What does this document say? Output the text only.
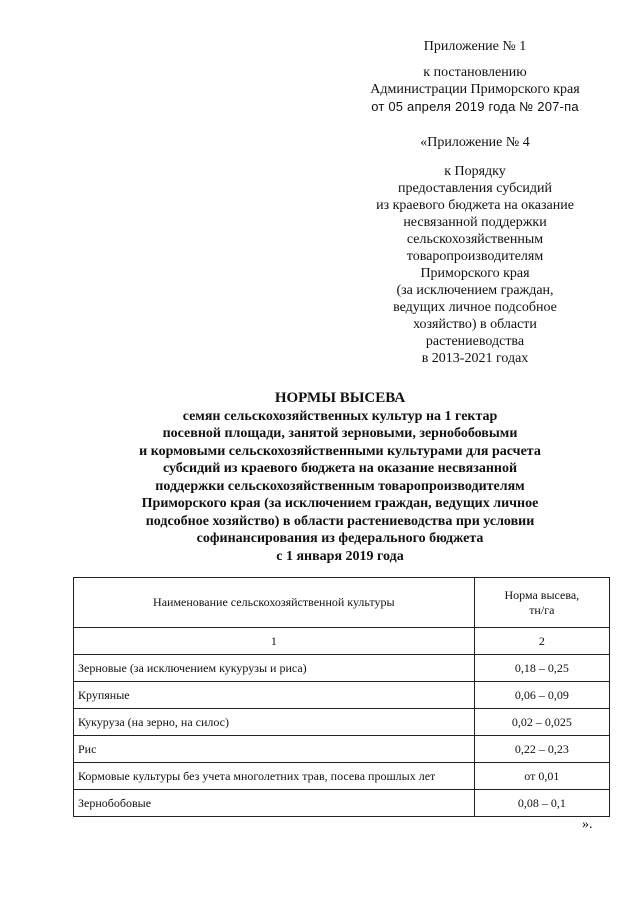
Приложение № 1
к постановлению
Администрации Приморского края
от 05 апреля 2019 года № 207-па
«Приложение № 4
к Порядку
предоставления субсидий
из краевого бюджета на оказание
несвязанной поддержки
сельскохозяйственным
товаропроизводителям
Приморского края
(за исключением граждан,
ведущих личное подсобное
хозяйство) в области
растениеводства
в 2013-2021 годах
НОРМЫ ВЫСЕВА
семян сельскохозяйственных культур на 1 гектар
посевной площади, занятой зерновыми, зернобобовыми
и кормовыми сельскохозяйственными культурами для расчета
субсидий из краевого бюджета на оказание несвязанной
поддержки сельскохозяйственным товаропроизводителям
Приморского края (за исключением граждан, ведущих личное
подсобное хозяйство) в области растениеводства при условии
софинансирования из федерального бюджета
с 1 января 2019 года
Наименование сельскохозяйственной культуры	Норма высева,
тн/га
1	2
Зерновые (за исключением кукурузы и риса)	0,18 – 0,25
Крупяные	0,06 – 0,09
Кукуруза (на зерно, на силос)	0,02 – 0,025
Рис	0,22 – 0,23
Кормовые культуры без учета многолетних трав, посева прошлых лет	от 0,01
Зернобобовые	0,08 – 0,1
».
